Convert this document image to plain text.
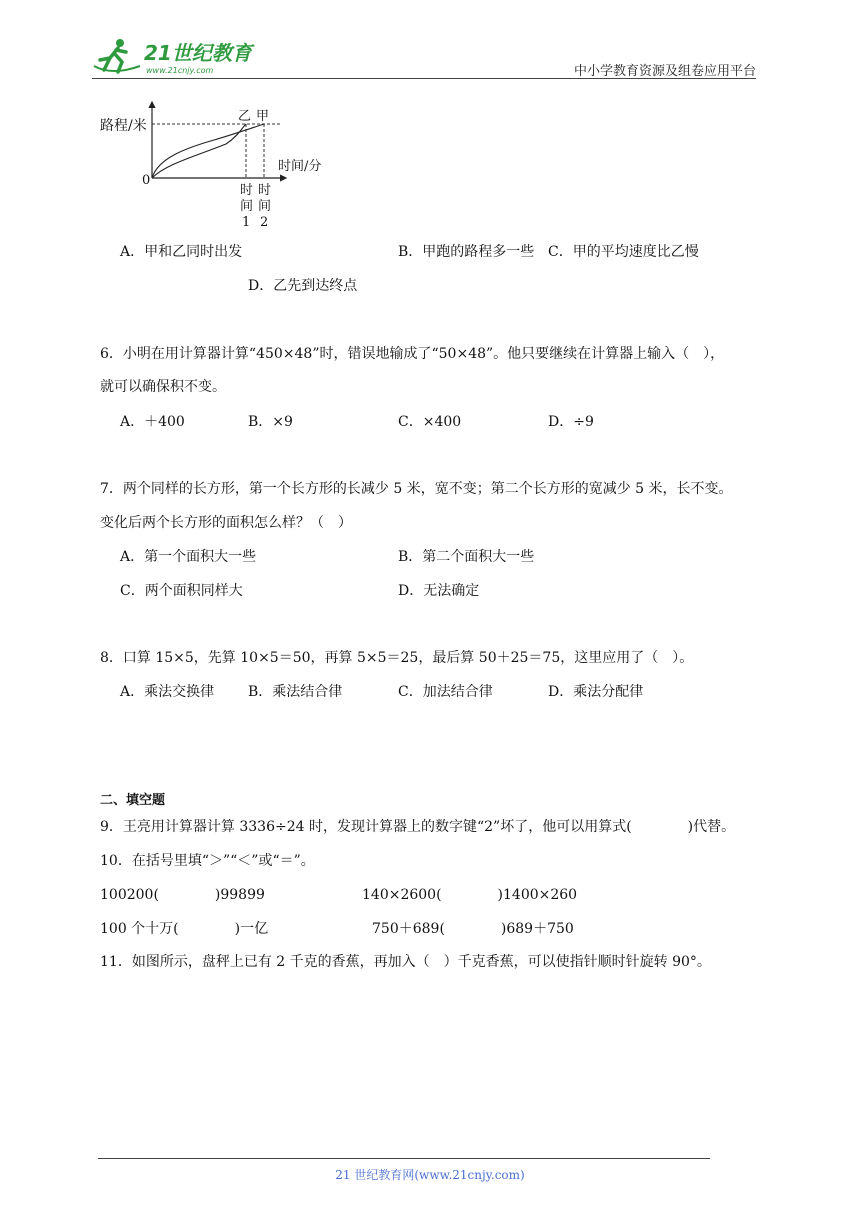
21世纪教育
www.21cnjy.com	中小学教育资源及组卷应用平台
路程/米
时间/分
0
乙 甲
时
间
1
时
间
2
A．甲和乙同时出发	B．甲跑的路程多一些 C．甲的平均速度比乙慢
D．乙先到达终点
6．小明在用计算器计算“450×48”时，错误地输成了“50×48”。他只要继续在计算器上输入（　），
就可以确保积不变。
A．＋400	B．×9	C．×400	D．÷9
7．两个同样的长方形，第一个长方形的长减少 5 米，宽不变；第二个长方形的宽减少 5 米，长不变。
变化后两个长方形的面积怎么样？（　）
A．第一个面积大一些	B．第二个面积大一些
C．两个面积同样大	D．无法确定
8．口算 15×5，先算 10×5＝50，再算 5×5＝25，最后算 50＋25＝75，这里应用了（　）。
A．乘法交换律 B．乘法结合律	C．加法结合律	D．乘法分配律
二、填空题
9．王亮用计算器计算 3336÷24 时，发现计算器上的数字键“2”坏了，他可以用算式(　　　　)代替。
10．在括号里填“＞”“＜”或“＝”。
100200(　　　　)99899	140×2600(　　　　)1400×260
100 个十万(　　　　)一亿	750＋689(　　　　)689＋750
11．如图所示，盘秤上已有 2 千克的香蕉，再加入（　）千克香蕉，可以使指针顺时针旋转 90°。
21 世纪教育网(www.21cnjy.com)
